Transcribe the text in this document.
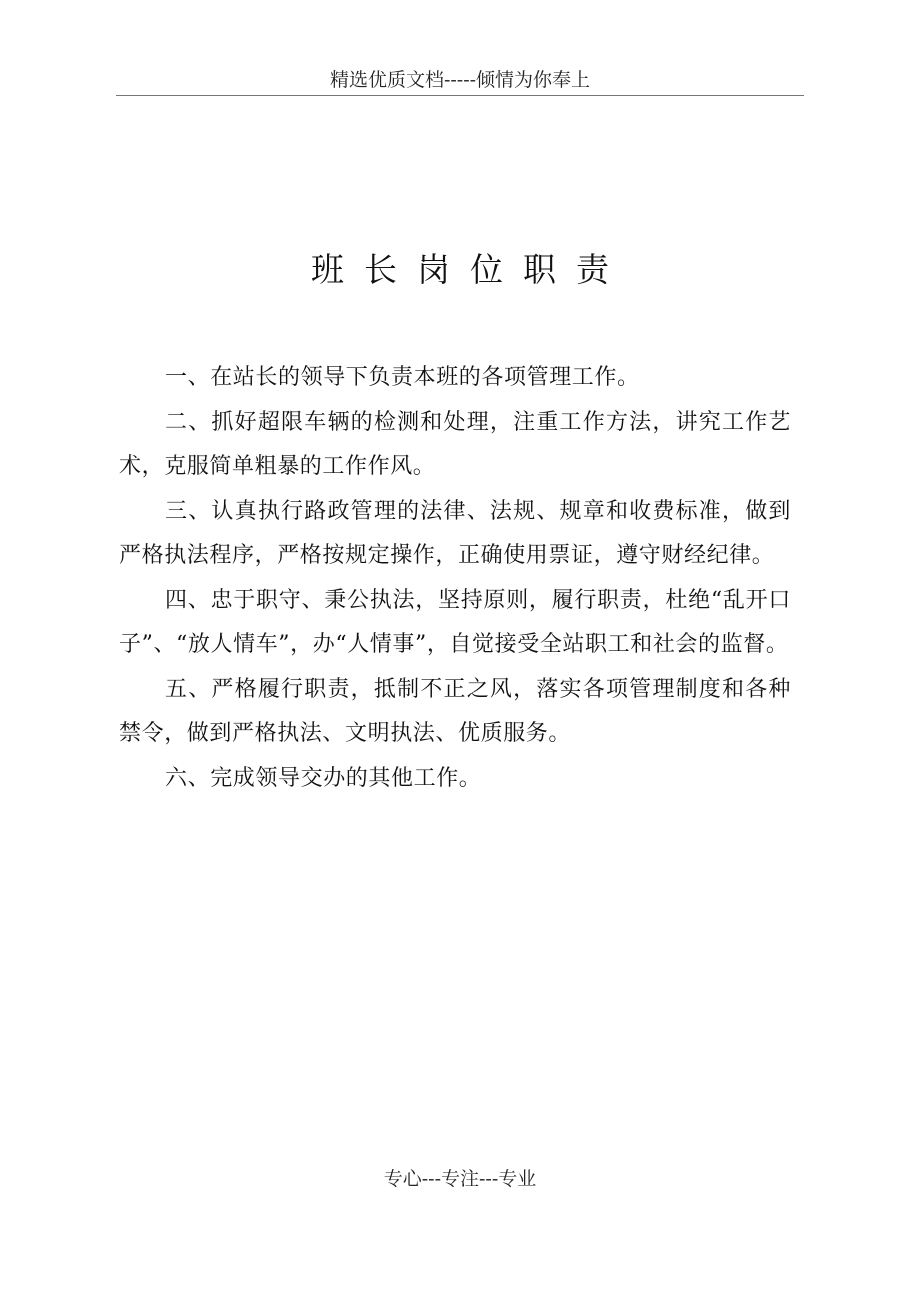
精选优质文档-----倾情为你奉上
班长岗位职责

一、在站长的领导下负责本班的各项管理工作。

二、抓好超限车辆的检测和处理，注重工作方法，讲究工作艺术，克服简单粗暴的工作作风。

三、认真执行路政管理的法律、法规、规章和收费标准，做到严格执法程序，严格按规定操作，正确使用票证，遵守财经纪律。

四、忠于职守、秉公执法，坚持原则，履行职责，杜绝“乱开口子”、“放人情车”，办“人情事”，自觉接受全站职工和社会的监督。

五、严格履行职责，抵制不正之风，落实各项管理制度和各种禁令，做到严格执法、文明执法、优质服务。

六、完成领导交办的其他工作。

专心---专注---专业
